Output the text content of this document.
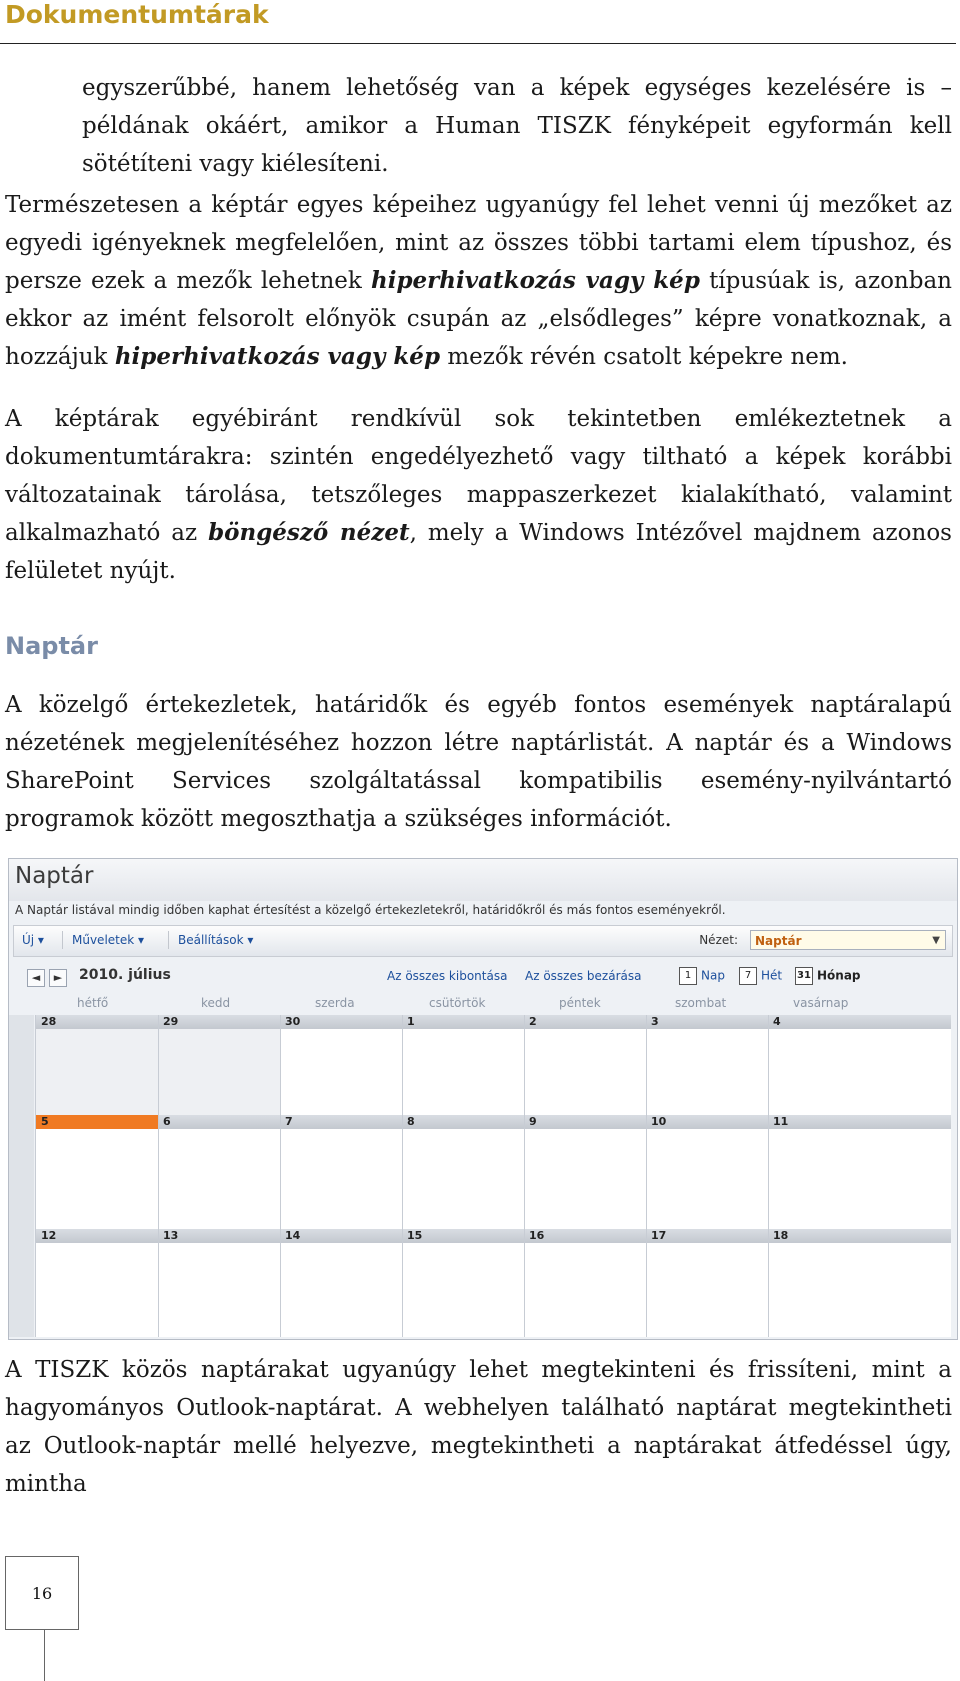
Dokumentumtárak

egyszerűbbé, hanem lehetőség van a képek egységes kezelésére is – példának okáért, amikor a Human TISZK fényképeit egyformán kell sötétíteni vagy kiélesíteni.

Természetesen a képtár egyes képeihez ugyanúgy fel lehet venni új mezőket az egyedi igényeknek megfelelően, mint az összes többi tartami elem típushoz, és persze ezek a mezők lehetnek hiperhivatkozás vagy kép típusúak is, azonban ekkor az imént felsorolt előnyök csupán az „elsődleges” képre vonatkoznak, a hozzájuk hiperhivatkozás vagy kép mezők révén csatolt képekre nem.

A képtárak egyébiránt rendkívül sok tekintetben emlékeztetnek a dokumentumtárakra: szintén engedélyezhető vagy tiltható a képek korábbi változatainak tárolása, tetszőleges mappaszerkezet kialakítható, valamint alkalmazható az böngésző nézet, mely a Windows Intézővel majdnem azonos felületet nyújt.

Naptár

A közelgő értekezletek, határidők és egyéb fontos események naptáralapú nézetének megjelenítéséhez hozzon létre naptárlistát. A naptár és a Windows SharePoint Services szolgáltatással kompatibilis esemény-nyilvántartó programok között megoszthatja a szükséges információt.

Naptár
A Naptár listával mindig időben kaphat értesítést a közelgő értekezletekről, határidőkről és más fontos eseményekről.
Új ▾ Műveletek ▾	Beállítások ▾	Nézet:	Naptár	▼
◄	►	2010. július	Az összes kibontása Az összes bezárása	1 Nap	7 Hét 31 Hónap
hétfő	kedd	szerda	csütörtök	péntek	szombat	vasárnap
28	29	30	1	2	3	4
5	6	7	8	9	10	11
12	13	14	15	16	17	18

A TISZK közös naptárakat ugyanúgy lehet megtekinteni és frissíteni, mint a hagyományos Outlook-naptárat. A webhelyen található naptárat megtekintheti az Outlook-naptár mellé helyezve, megtekintheti a naptárakat átfedéssel úgy, mintha

16
